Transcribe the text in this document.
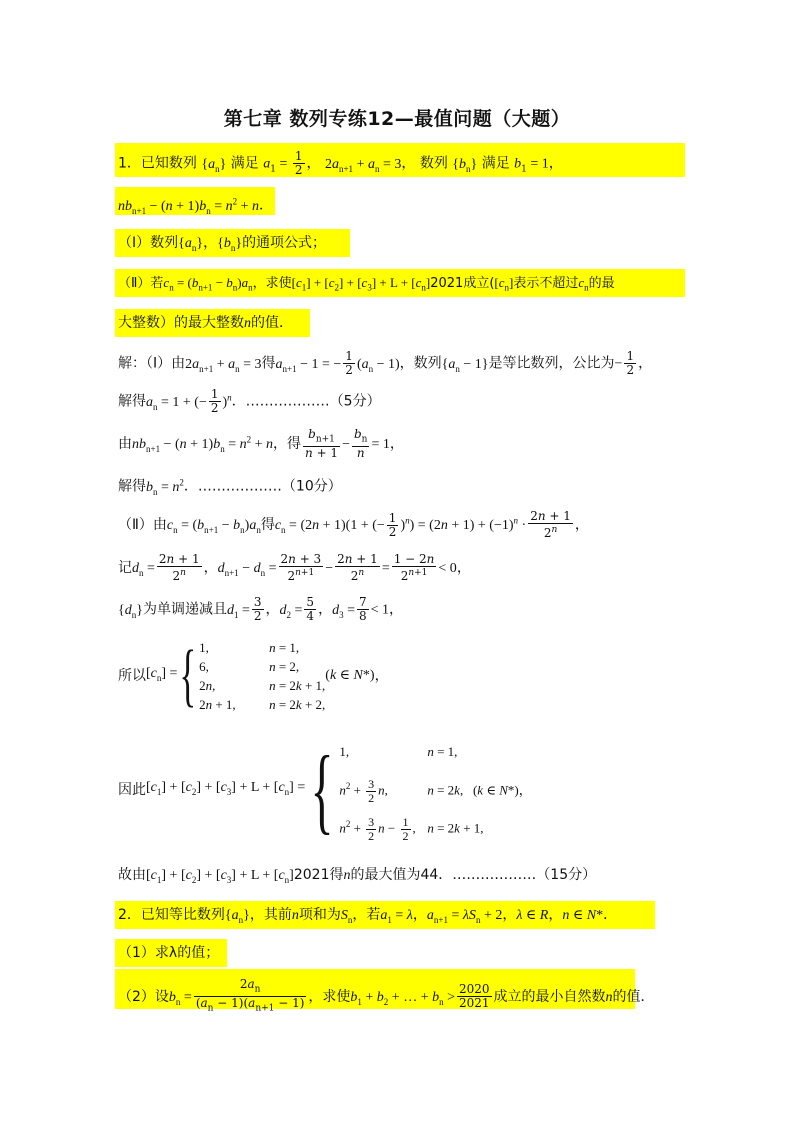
第七章 数列专练12—最值问题（大题）
1．已知数列 $\{a_n\}$ 满足 $a_1 = \frac{1}{2}$ ， $2a_{n+1} + a_n = 3$， 数列 $\{b_n\}$ 满足 $b_1 = 1$，
$nb_{n+1} - (n + 1)b_n = n^2 + n$．
（Ⅰ）数列$\{a_n\}$，$\{b_n\}$的通项公式；
（Ⅱ）若$c_n = (b_{n+1} - b_n)a_n$，求使$[c_1] + [c_2] + [c_3] + L + [c_n]2021$成立($[c_n]$表示不超过$c_n$的最
大整数）的最大整数n的值．
解：（Ⅰ）由$2a_{n+1} + a_n = 3$得$a_{n+1} - 1$ = − $\frac{1}{2} (a_n - 1)$，数列$\{a_n - 1\}$是等比数列，公比为− $\frac{1}{2}$ ，
解得$a_n = 1$ + (− $\frac{1}{2} )^n$．………………（5分）
由$nb_{n+1} - (n + 1)b_n = n^2 + n$，得 $\frac{b_{n+1}}{n + 1} - \frac{b_n}{n} = 1$，
解得$b_n = n^2$．………………（10分）
（Ⅱ）由$c_n = (b_{n+1} - b_n)a_n$得$c_n = (2n + 1)(1$ + (− $\frac{1}{2} )^n) = (2n + 1) + (-1)^n \cdot \frac{2n + 1}{2^n}$ ，
记$d_n = \frac{2n + 1}{2^n}$ ，$d_{n+1} - d_n = \frac{2n + 3}{2^{n+1}} - \frac{2n + 1}{2^n} = \frac{1 - 2n}{2^{n+1}} < 0$，
$\{d_n\}$为单调递减且$d_1 = \frac{3}{2}$ ，$d_2 = \frac{5}{4}$ ，$d_3 = \frac{7}{8} < 1$，
所以 $[c_n]$ = { 1,	n = 1,
6,	n = 2,
2n,	n = 2k + 1,
2n + 1,	n = 2k + 2,
(k ∈ N*) ，
因此 $[c_1] + [c_2] + [c_3] + L + [c_n]$ = { 1,	n = 1,
$n^2 + \frac{3}{2} n$,	n = 2k,   (k ∈ N*)，
$n^2 + \frac{3}{2}$ $n - \frac{1}{2}$ , n = 2k + 1,
故由$[c_1] + [c_2] + [c_3] + L + [c_n]2021$得n的最大值为44．………………（15分）
2．已知等比数列$\{a_n\}$，其前n项和为$S_n$，若$a_1 = \lambda$，$a_{n+1} = \lambda S_n + 2$，λ ∈ R，n ∈ N*．
（1）求λ的值；
（2）设$b_n = \frac{2a_n}{(a_n - 1)(a_{n+1} - 1)}$ ，求使$b_1 + b_2$ + … + $b_n > \frac{2020}{2021}$ 成立的最小自然数n的值．
